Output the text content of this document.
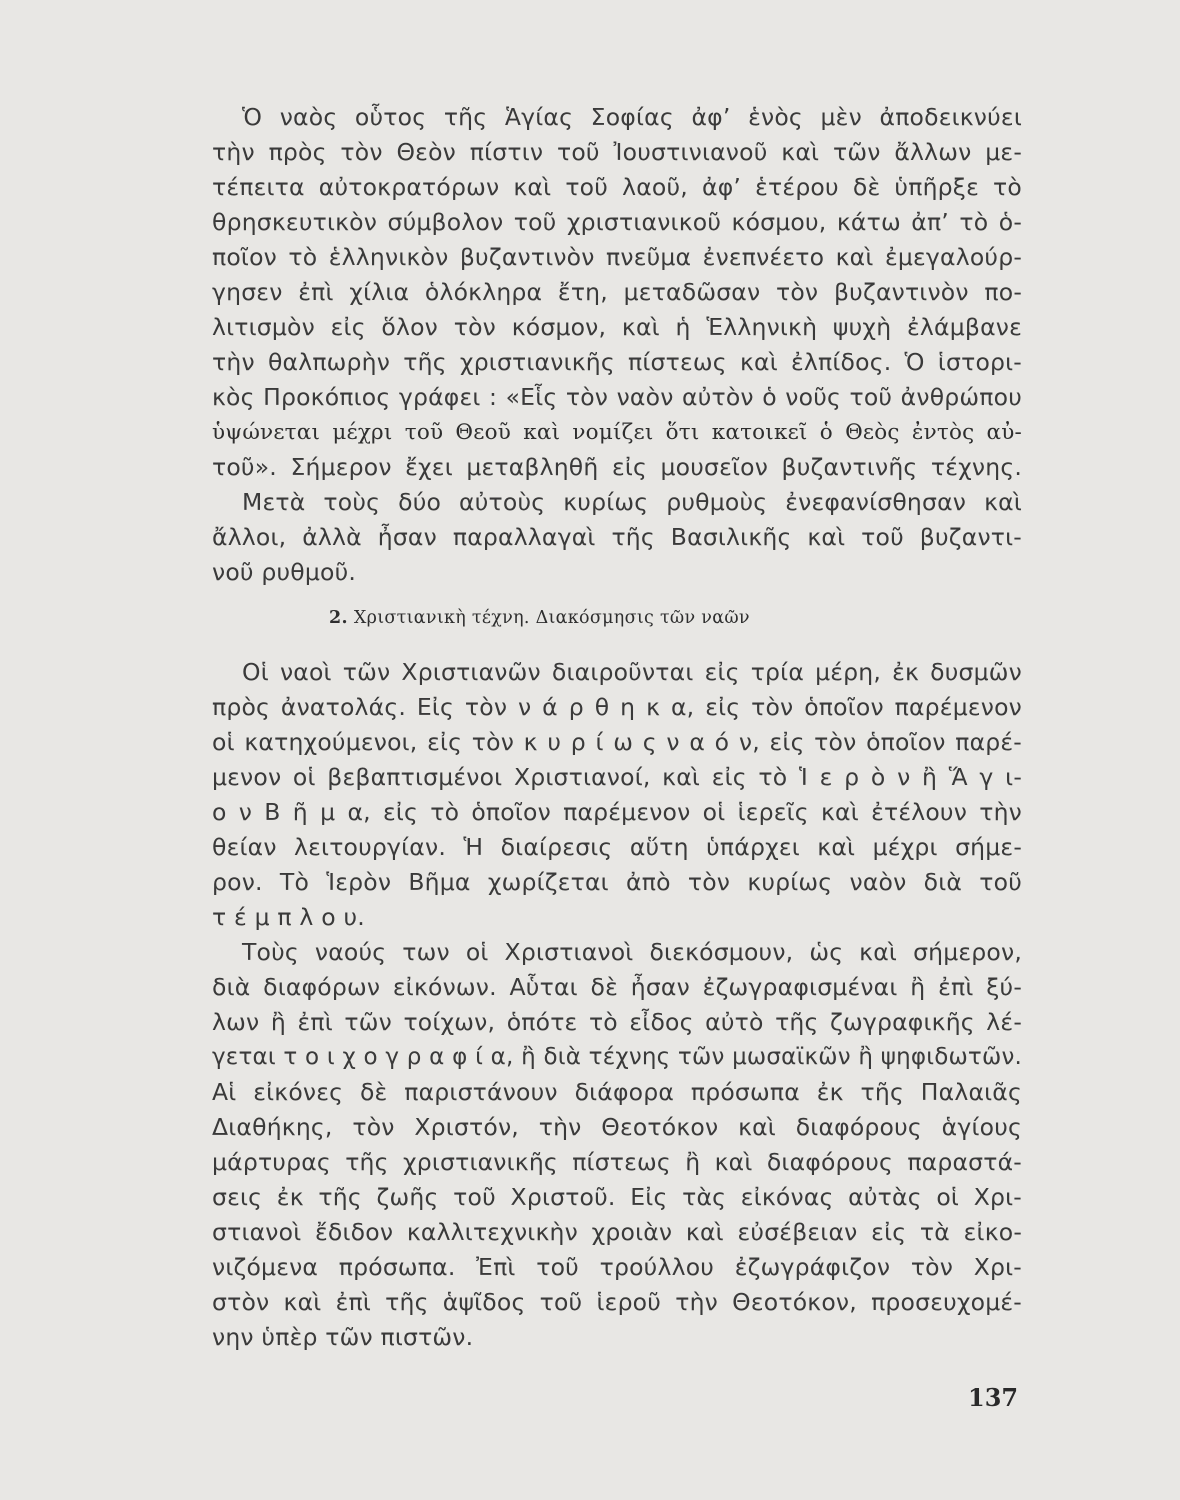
Ὁ ναὸς οὗτος τῆς Ἁγίας Σοφίας ἀφ’ ἑνὸς μὲν ἀποδεικνύει
τὴν πρὸς τὸν Θεὸν πίστιν τοῦ Ἰουστινιανοῦ καὶ τῶν ἄλλων με-
τέπειτα αὐτοκρατόρων καὶ τοῦ λαοῦ, ἀφ’ ἑτέρου δὲ ὑπῆρξε τὸ
θρησκευτικὸν σύμβολον τοῦ χριστιανικοῦ κόσμου, κάτω ἀπ’ τὸ ὁ-
ποῖον τὸ ἑλληνικὸν βυζαντινὸν πνεῦμα ἐνεπνέετο καὶ ἐμεγαλούρ-
γησεν ἐπὶ χίλια ὁλόκληρα ἔτη, μεταδῶσαν τὸν βυζαντινὸν πο-
λιτισμὸν εἰς ὅλον τὸν κόσμον, καὶ ἡ Ἑλληνικὴ ψυχὴ ἐλάμβανε
τὴν θαλπωρὴν τῆς χριστιανικῆς πίστεως καὶ ἐλπίδος. Ὁ ἱστορι-
κὸς Προκόπιος γράφει : «Εἷς τὸν ναὸν αὐτὸν ὁ νοῦς τοῦ ἀνθρώπου
ὑψώνεται μέχρι τοῦ Θεοῦ καὶ νομίζει ὅτι κατοικεῖ ὁ Θεὸς ἐντὸς αὐ-
τοῦ». Σήμερον ἔχει μεταβληθῆ εἰς μουσεῖον βυζαντινῆς τέχνης.
Μετὰ τοὺς δύο αὐτοὺς κυρίως ρυθμοὺς ἐνεφανίσθησαν καὶ
ἄλλοι, ἀλλὰ ἦσαν παραλλαγαὶ τῆς Βασιλικῆς καὶ τοῦ βυζαντι-
νοῦ ρυθμοῦ.
2. Χριστιανικὴ τέχνη. Διακόσμησις τῶν ναῶν
Οἱ ναοὶ τῶν Χριστιανῶν διαιροῦνται εἰς τρία μέρη, ἐκ δυσμῶν
πρὸς ἀνατολάς. Εἰς τὸν ν ά ρ θ η κ α, εἰς τὸν ὁποῖον παρέμενον
οἱ κατηχούμενοι, εἰς τὸν κ υ ρ ί ω ς ν α ό ν, εἰς τὸν ὁποῖον παρέ-
μενον οἱ βεβαπτισμένοι Χριστιανοί, καὶ εἰς τὸ Ἱ ε ρ ὸ ν ἢ Ἅ γ ι-
ο ν Β ῆ μ α, εἰς τὸ ὁποῖον παρέμενον οἱ ἱερεῖς καὶ ἐτέλουν τὴν
θείαν λειτουργίαν. Ἡ διαίρεσις αὕτη ὑπάρχει καὶ μέχρι σήμε-
ρον. Τὸ Ἱερὸν Βῆμα χωρίζεται ἀπὸ τὸν κυρίως ναὸν διὰ τοῦ
τ έ μ π λ ο υ.
Τοὺς ναούς των οἱ Χριστιανοὶ διεκόσμουν, ὡς καὶ σήμερον,
διὰ διαφόρων εἰκόνων. Αὗται δὲ ἦσαν ἐζωγραφισμέναι ἢ ἐπὶ ξύ-
λων ἢ ἐπὶ τῶν τοίχων, ὁπότε τὸ εἶδος αὐτὸ τῆς ζωγραφικῆς λέ-
γεται τ ο ι χ ο γ ρ α φ ί α, ἢ διὰ τέχνης τῶν μωσαϊκῶν ἢ ψηφιδωτῶν.
Αἱ εἰκόνες δὲ παριστάνουν διάφορα πρόσωπα ἐκ τῆς Παλαιᾶς
Διαθήκης, τὸν Χριστόν, τὴν Θεοτόκον καὶ διαφόρους ἁγίους
μάρτυρας τῆς χριστιανικῆς πίστεως ἢ καὶ διαφόρους παραστά-
σεις ἐκ τῆς ζωῆς τοῦ Χριστοῦ. Εἰς τὰς εἰκόνας αὐτὰς οἱ Χρι-
στιανοὶ ἔδιδον καλλιτεχνικὴν χροιὰν καὶ εὐσέβειαν εἰς τὰ εἰκο-
νιζόμενα πρόσωπα. Ἐπὶ τοῦ τρούλλου ἐζωγράφιζον τὸν Χρι-
στὸν καὶ ἐπὶ τῆς ἁψῖδος τοῦ ἱεροῦ τὴν Θεοτόκον, προσευχομέ-
νην ὑπὲρ τῶν πιστῶν.
137
